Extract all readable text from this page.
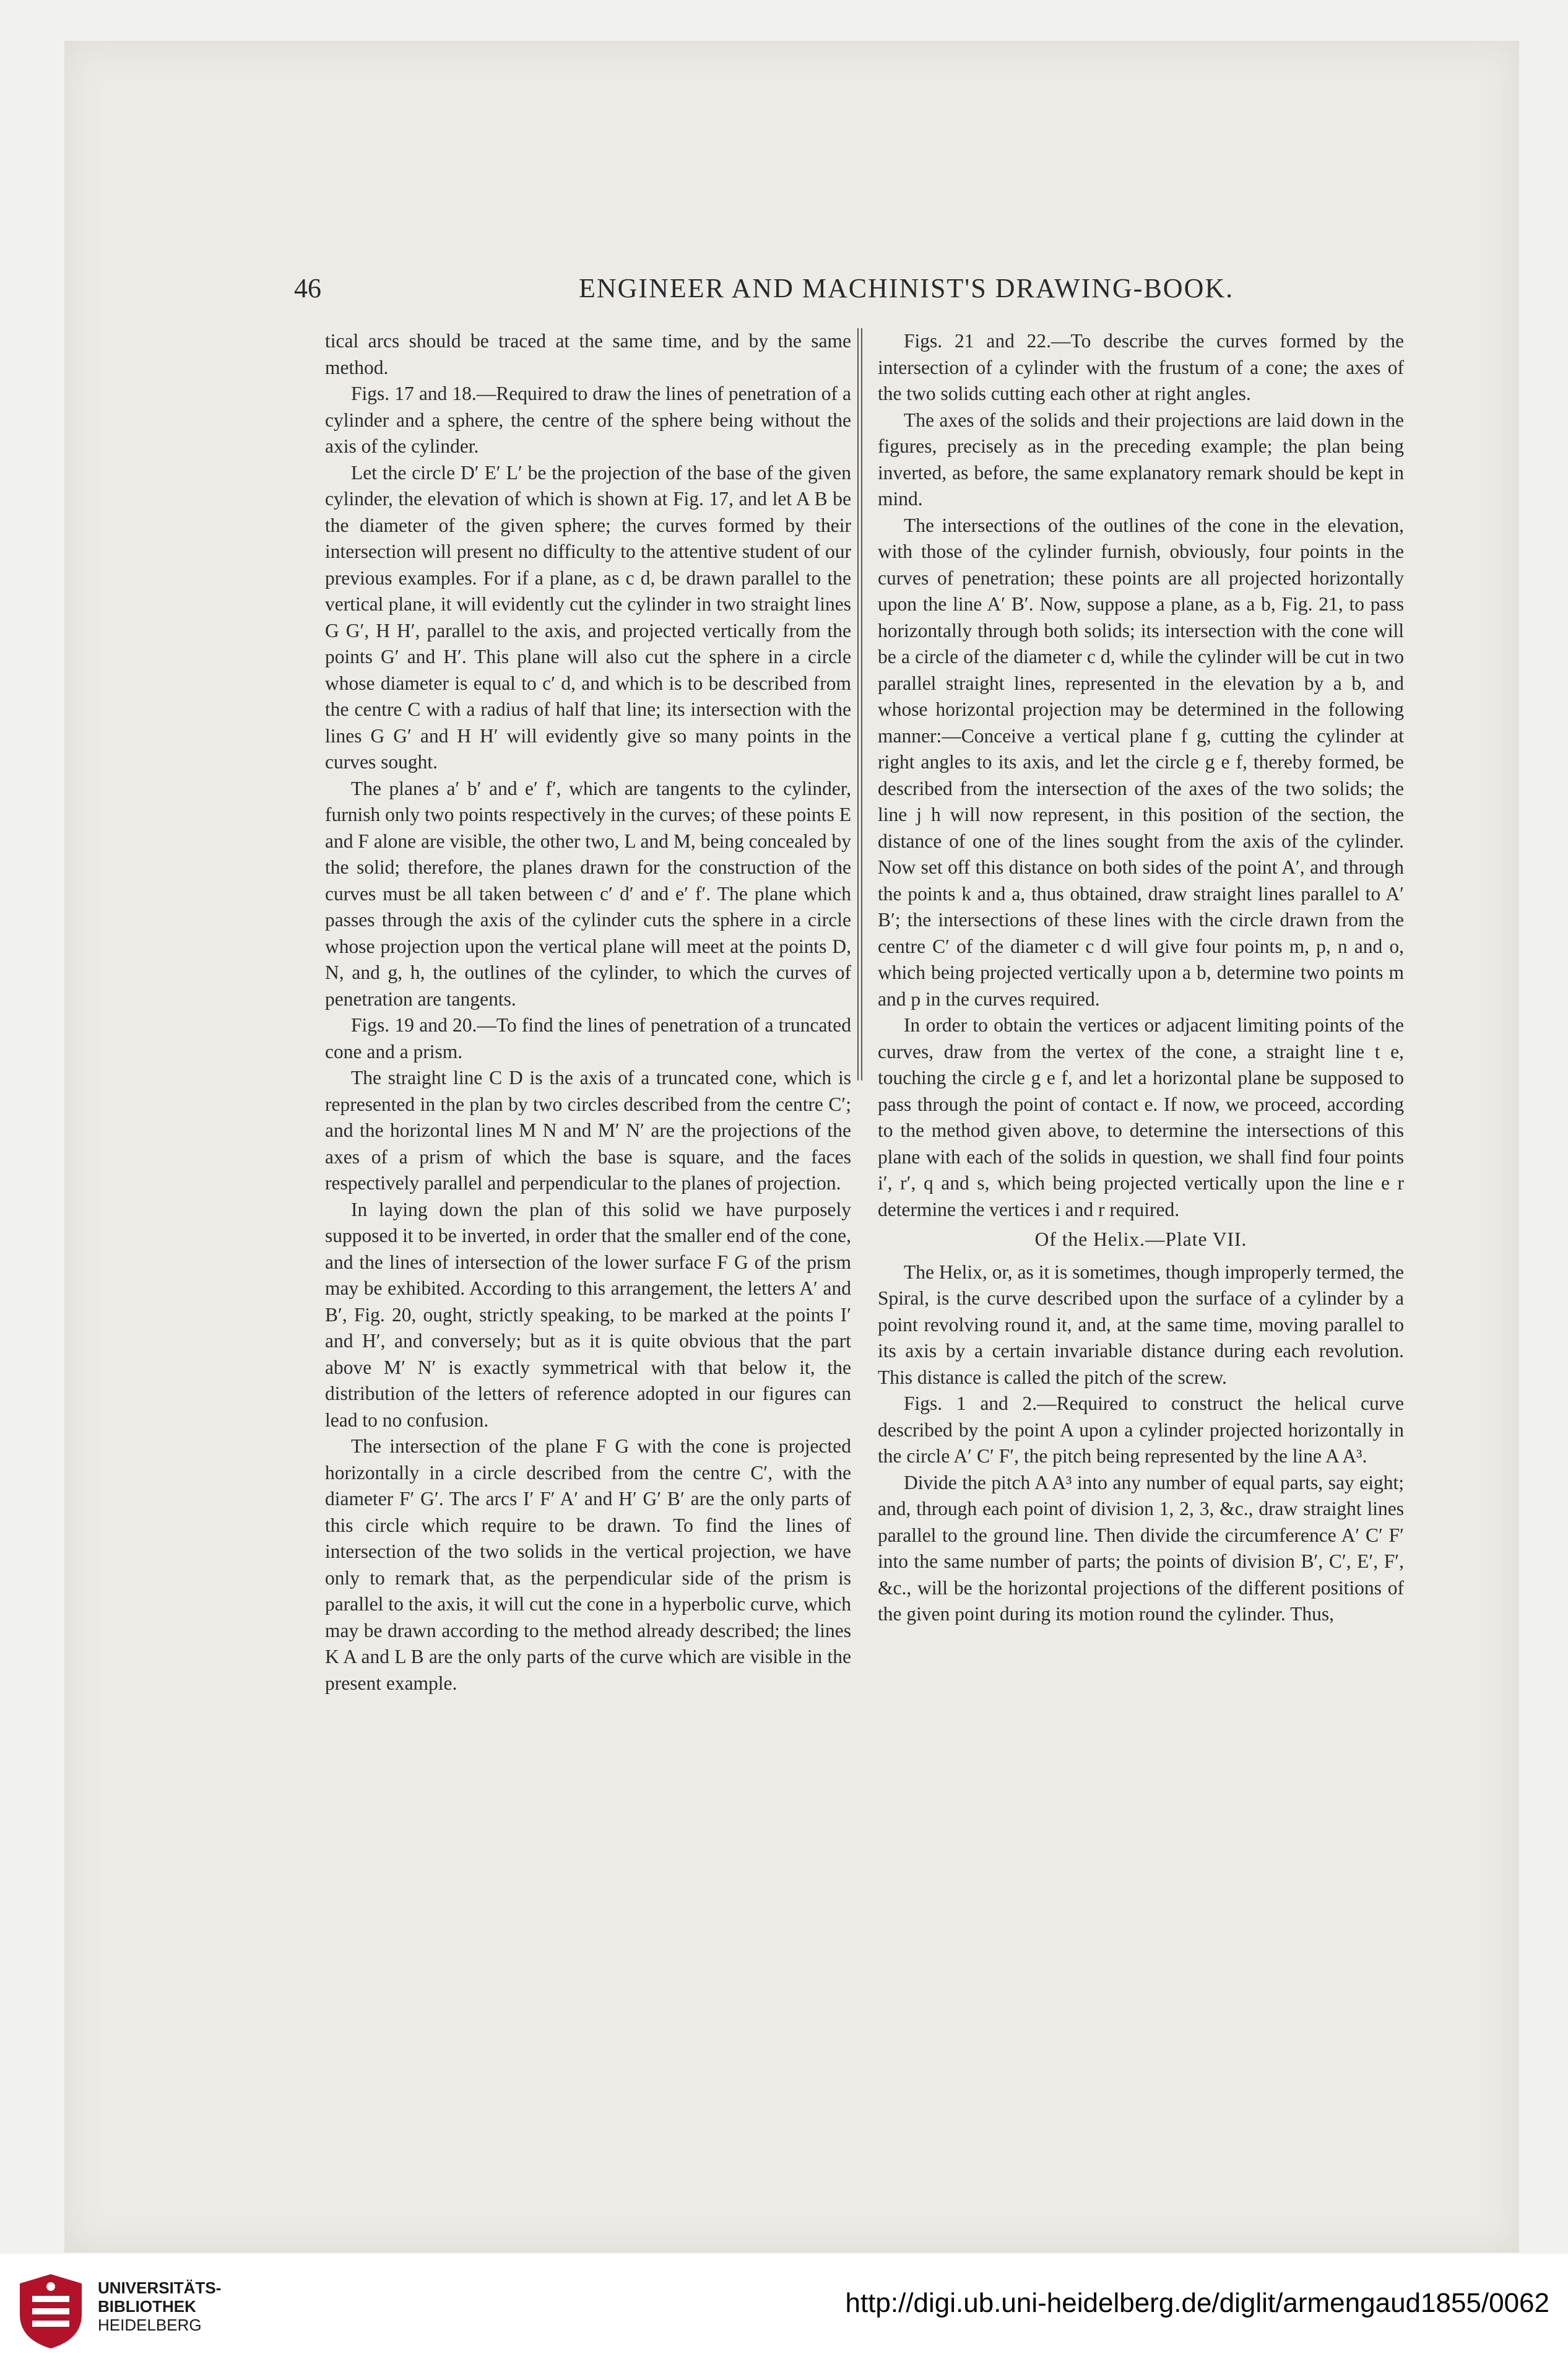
46	ENGINEER AND MACHINIST'S DRAWING-BOOK.

tical arcs should be traced at the same time, and by the same method.

Figs. 17 and 18.—Required to draw the lines of penetration of a cylinder and a sphere, the centre of the sphere being without the axis of the cylinder.

Let the circle D′ E′ L′ be the projection of the base of the given cylinder, the elevation of which is shown at Fig. 17, and let A B be the diameter of the given sphere; the curves formed by their intersection will present no difficulty to the attentive student of our previous examples. For if a plane, as c d, be drawn parallel to the vertical plane, it will evidently cut the cylinder in two straight lines G G′, H H′, parallel to the axis, and projected vertically from the points G′ and H′. This plane will also cut the sphere in a circle whose diameter is equal to c′ d, and which is to be described from the centre C with a radius of half that line; its intersection with the lines G G′ and H H′ will evidently give so many points in the curves sought.

The planes a′ b′ and e′ f′, which are tangents to the cylinder, furnish only two points respectively in the curves; of these points E and F alone are visible, the other two, L and M, being concealed by the solid; therefore, the planes drawn for the construction of the curves must be all taken between c′ d′ and e′ f′. The plane which passes through the axis of the cylinder cuts the sphere in a circle whose projection upon the vertical plane will meet at the points D, N, and g, h, the outlines of the cylinder, to which the curves of penetration are tangents.

Figs. 19 and 20.—To find the lines of penetration of a truncated cone and a prism.

The straight line C D is the axis of a truncated cone, which is represented in the plan by two circles described from the centre C′; and the horizontal lines M N and M′ N′ are the projections of the axes of a prism of which the base is square, and the faces respectively parallel and perpendicular to the planes of projection.

In laying down the plan of this solid we have purposely supposed it to be inverted, in order that the smaller end of the cone, and the lines of intersection of the lower surface F G of the prism may be exhibited. According to this arrangement, the letters A′ and B′, Fig. 20, ought, strictly speaking, to be marked at the points I′ and H′, and conversely; but as it is quite obvious that the part above M′ N′ is exactly symmetrical with that below it, the distribution of the letters of reference adopted in our figures can lead to no confusion.

The intersection of the plane F G with the cone is projected horizontally in a circle described from the centre C′, with the diameter F′ G′. The arcs I′ F′ A′ and H′ G′ B′ are the only parts of this circle which require to be drawn. To find the lines of intersection of the two solids in the vertical projection, we have only to remark that, as the perpendicular side of the prism is parallel to the axis, it will cut the cone in a hyperbolic curve, which may be drawn according to the method already described; the lines K A and L B are the only parts of the curve which are visible in the present example.

Figs. 21 and 22.—To describe the curves formed by the intersection of a cylinder with the frustum of a cone; the axes of the two solids cutting each other at right angles.

The axes of the solids and their projections are laid down in the figures, precisely as in the preceding example; the plan being inverted, as before, the same explanatory remark should be kept in mind.

The intersections of the outlines of the cone in the elevation, with those of the cylinder furnish, obviously, four points in the curves of penetration; these points are all projected horizontally upon the line A′ B′. Now, suppose a plane, as a b, Fig. 21, to pass horizontally through both solids; its intersection with the cone will be a circle of the diameter c d, while the cylinder will be cut in two parallel straight lines, represented in the elevation by a b, and whose horizontal projection may be determined in the following manner:—Conceive a vertical plane f g, cutting the cylinder at right angles to its axis, and let the circle g e f, thereby formed, be described from the intersection of the axes of the two solids; the line j h will now represent, in this position of the section, the distance of one of the lines sought from the axis of the cylinder. Now set off this distance on both sides of the point A′, and through the points k and a, thus obtained, draw straight lines parallel to A′ B′; the intersections of these lines with the circle drawn from the centre C′ of the diameter c d will give four points m, p, n and o, which being projected vertically upon a b, determine two points m and p in the curves required.

In order to obtain the vertices or adjacent limiting points of the curves, draw from the vertex of the cone, a straight line t e, touching the circle g e f, and let a horizontal plane be supposed to pass through the point of contact e. If now, we proceed, according to the method given above, to determine the intersections of this plane with each of the solids in question, we shall find four points i′, r′, q and s, which being projected vertically upon the line e r determine the vertices i and r required.

Of the Helix.—Plate VII.

The Helix, or, as it is sometimes, though improperly termed, the Spiral, is the curve described upon the surface of a cylinder by a point revolving round it, and, at the same time, moving parallel to its axis by a certain invariable distance during each revolution. This distance is called the pitch of the screw.

Figs. 1 and 2.—Required to construct the helical curve described by the point A upon a cylinder projected horizontally in the circle A′ C′ F′, the pitch being represented by the line A A³.

Divide the pitch A A³ into any number of equal parts, say eight; and, through each point of division 1, 2, 3, &c., draw straight lines parallel to the ground line. Then divide the circumference A′ C′ F′ into the same number of parts; the points of division B′, C′, E′, F′, &c., will be the horizontal projections of the different positions of the given point during its motion round the cylinder. Thus,

UNIVERSITÄTS-
BIBLIOTHEK
HEIDELBERG
http://digi.ub.uni-heidelberg.de/diglit/armengaud1855/0062
